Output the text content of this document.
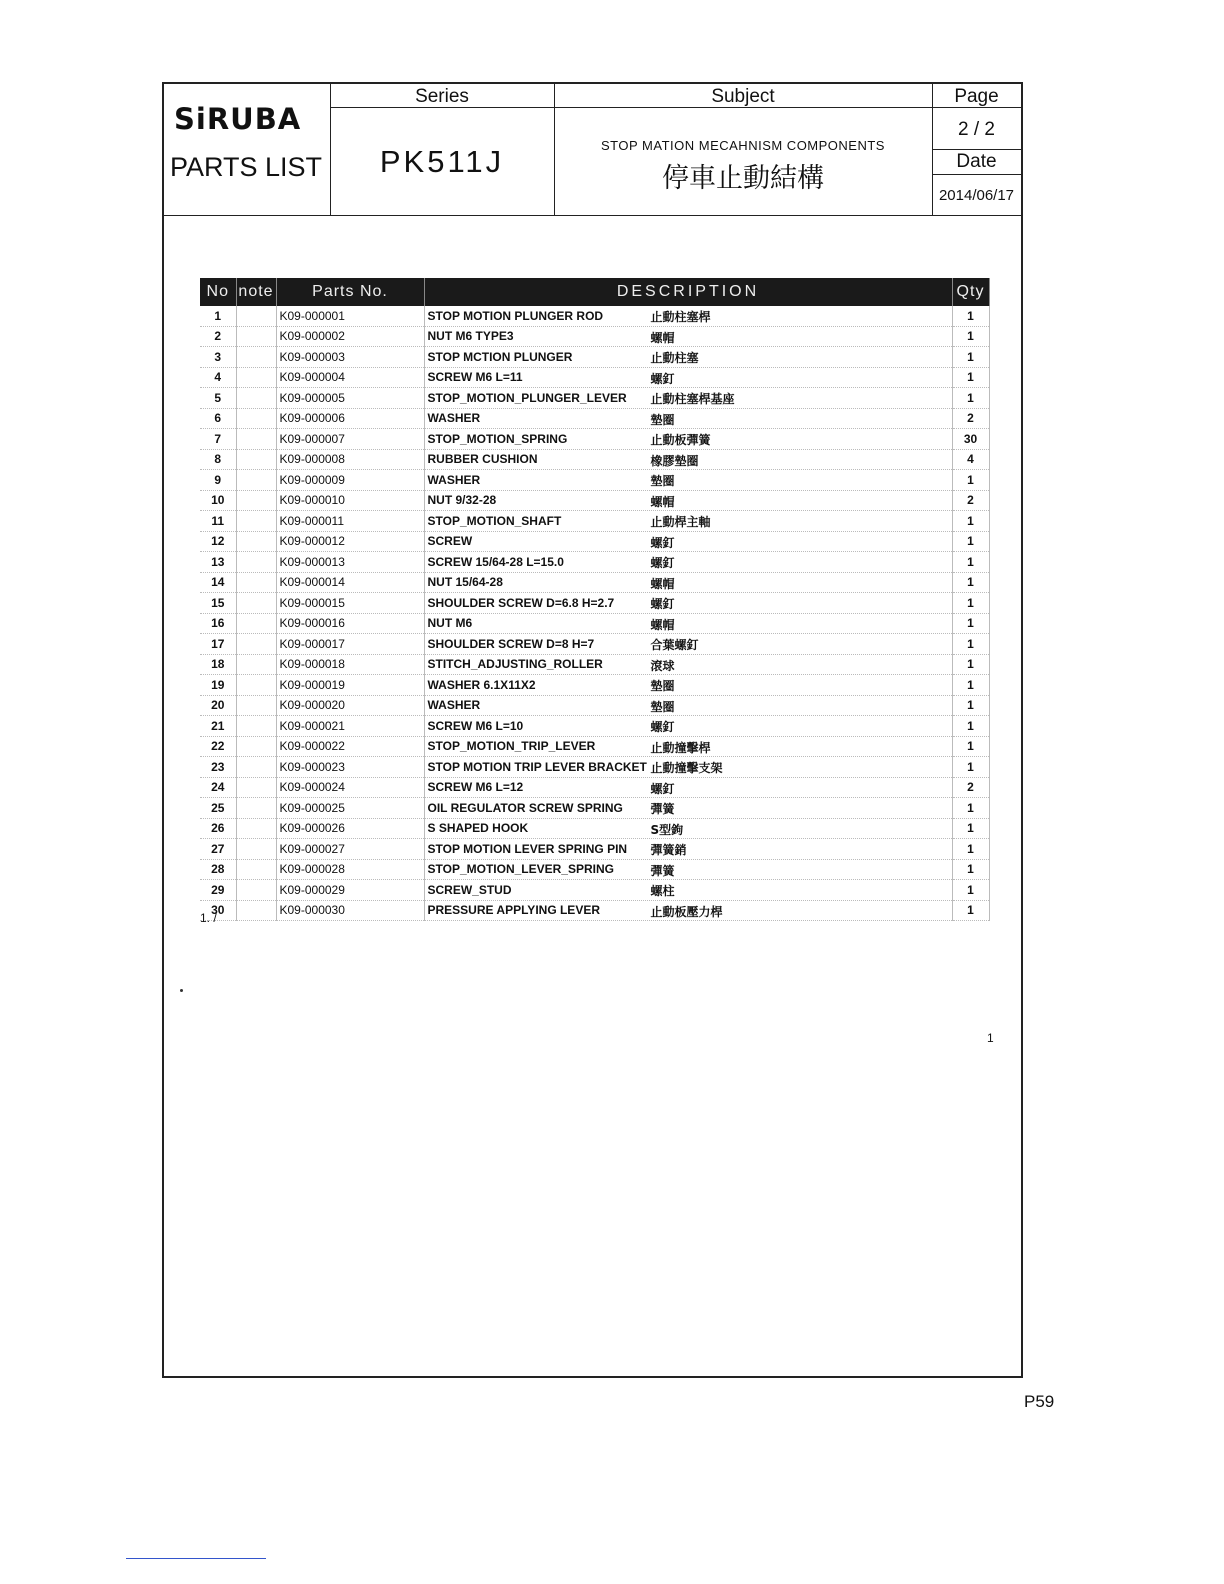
SiRUBA
PARTS LIST
Series
PK511J
Subject
STOP MATION MECAHNISM COMPONENTS
停車止動結構
Page
2 / 2
Date
2014/06/17
No	note	Parts No.	DESCRIPTION	Qty
1		K09-000001	STOP MOTION PLUNGER ROD 止動柱塞桿	1
2		K09-000002	NUT M6 TYPE3 螺帽	1
3		K09-000003	STOP MCTION PLUNGER 止動柱塞	1
4		K09-000004	SCREW M6 L=11 螺釘	1
5		K09-000005	STOP_MOTION_PLUNGER_LEVER 止動柱塞桿基座	1
6		K09-000006	WASHER 墊圈	2
7		K09-000007	STOP_MOTION_SPRING 止動板彈簧	30
8		K09-000008	RUBBER CUSHION 橡膠墊圈	4
9		K09-000009	WASHER 墊圈	1
10		K09-000010	NUT 9/32-28 螺帽	2
11		K09-000011	STOP_MOTION_SHAFT 止動桿主軸	1
12		K09-000012	SCREW 螺釘	1
13		K09-000013	SCREW 15/64-28 L=15.0 螺釘	1
14		K09-000014	NUT 15/64-28 螺帽	1
15		K09-000015	SHOULDER SCREW D=6.8 H=2.7 螺釘	1
16		K09-000016	NUT M6 螺帽	1
17		K09-000017	SHOULDER SCREW D=8 H=7 合葉螺釘	1
18		K09-000018	STITCH_ADJUSTING_ROLLER 滾球	1
19		K09-000019	WASHER 6.1X11X2 墊圈	1
20		K09-000020	WASHER 墊圈	1
21		K09-000021	SCREW M6 L=10 螺釘	1
22		K09-000022	STOP_MOTION_TRIP_LEVER 止動撞擊桿	1
23		K09-000023	STOP MOTION TRIP LEVER BRACKET 止動撞擊支架	1
24		K09-000024	SCREW M6 L=12 螺釘	2
25		K09-000025	OIL REGULATOR SCREW SPRING 彈簧	1
26		K09-000026	S SHAPED HOOK S型鉤	1
27		K09-000027	STOP MOTION LEVER SPRING PIN 彈簧銷	1
28		K09-000028	STOP_MOTION_LEVER_SPRING 彈簧	1
29		K09-000029	SCREW_STUD 螺柱	1
30		K09-000030	PRESSURE APPLYING LEVER 止動板壓力桿	1
1. /
1
P59
